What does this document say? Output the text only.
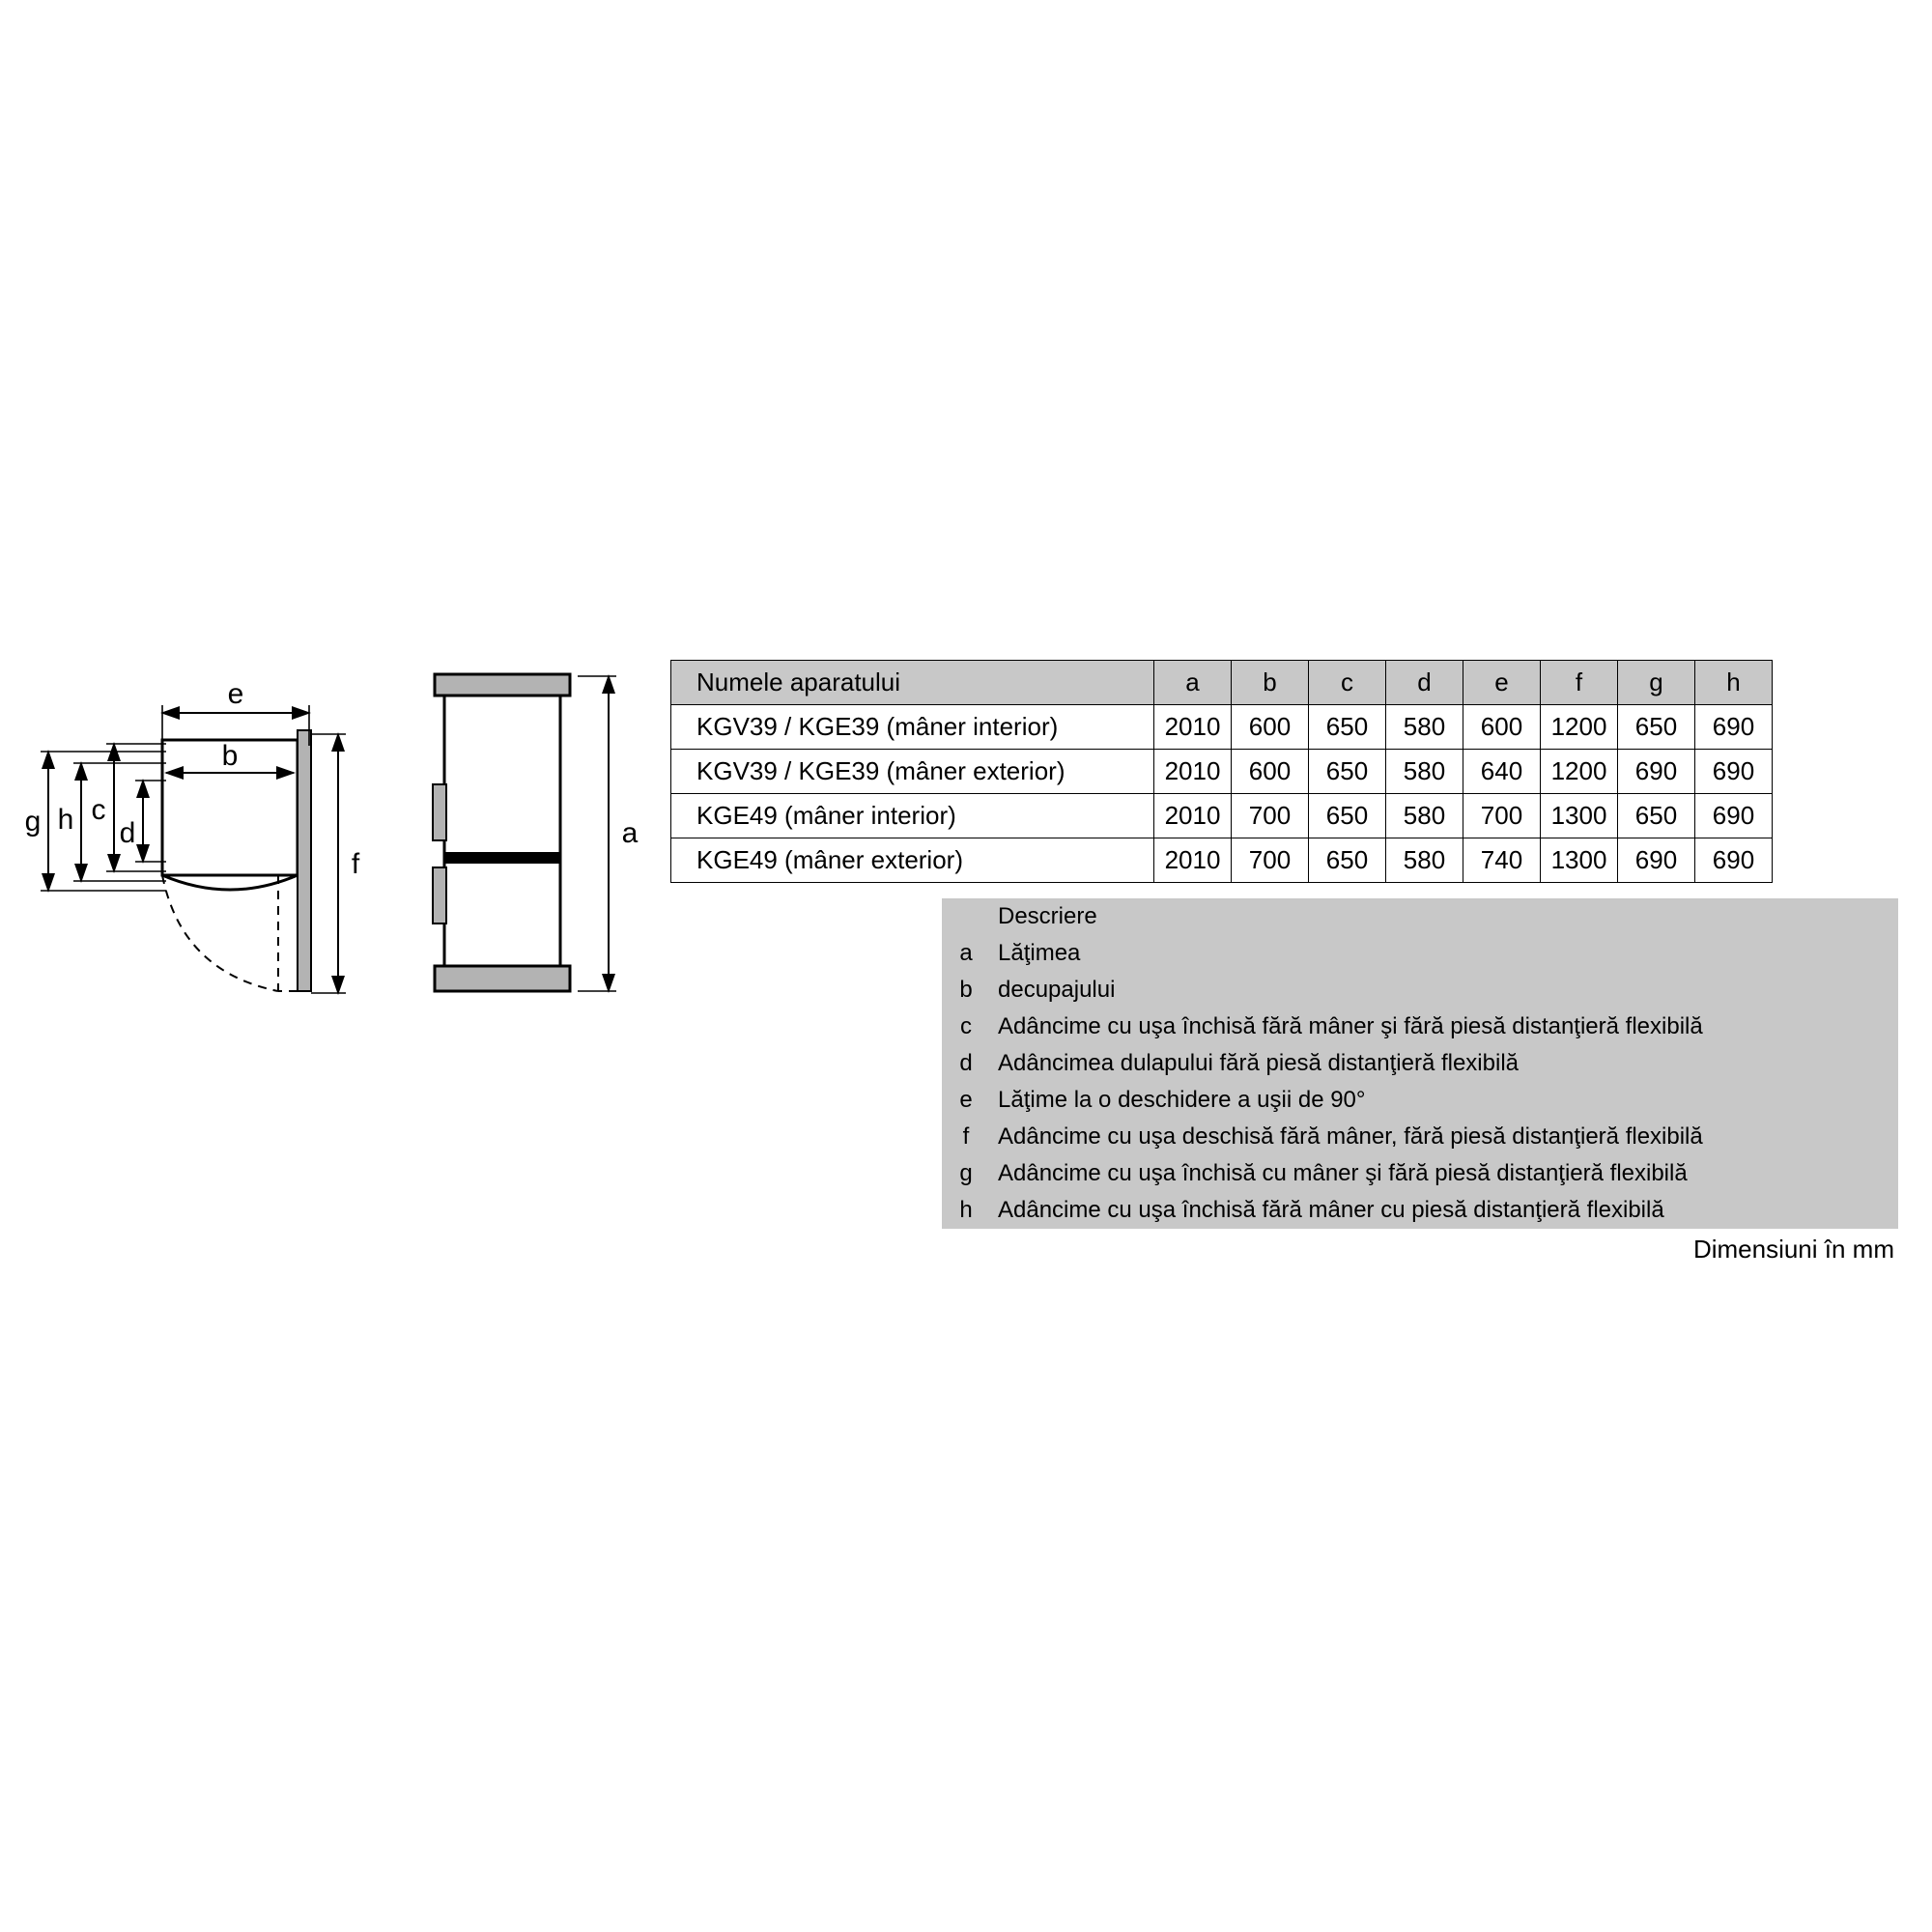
e
b
g h c
d
f
a
Numele aparatului	a	b	c	d	e	f	g	h
KGV39 / KGE39 (mâner interior)	2010	600	650	580	600	1200	650	690
KGV39 / KGE39 (mâner exterior)	2010	600	650	580	640	1200	690	690
KGE49 (mâner interior)	2010	700	650	580	700	1300	650	690
KGE49 (mâner exterior)	2010	700	650	580	740	1300	690	690
Descriere
a	Lăţimea
b	decupajului
c	Adâncime cu uşa închisă fără mâner şi fără piesă distanţieră flexibilă
d	Adâncimea dulapului fără piesă distanţieră flexibilă
e	Lăţime la o deschidere a uşii de 90°
f	Adâncime cu uşa deschisă fără mâner, fără piesă distanţieră flexibilă
g	Adâncime cu uşa închisă cu mâner şi fără piesă distanţieră flexibilă
h	Adâncime cu uşa închisă fără mâner cu piesă distanţieră flexibilă
Dimensiuni în mm
